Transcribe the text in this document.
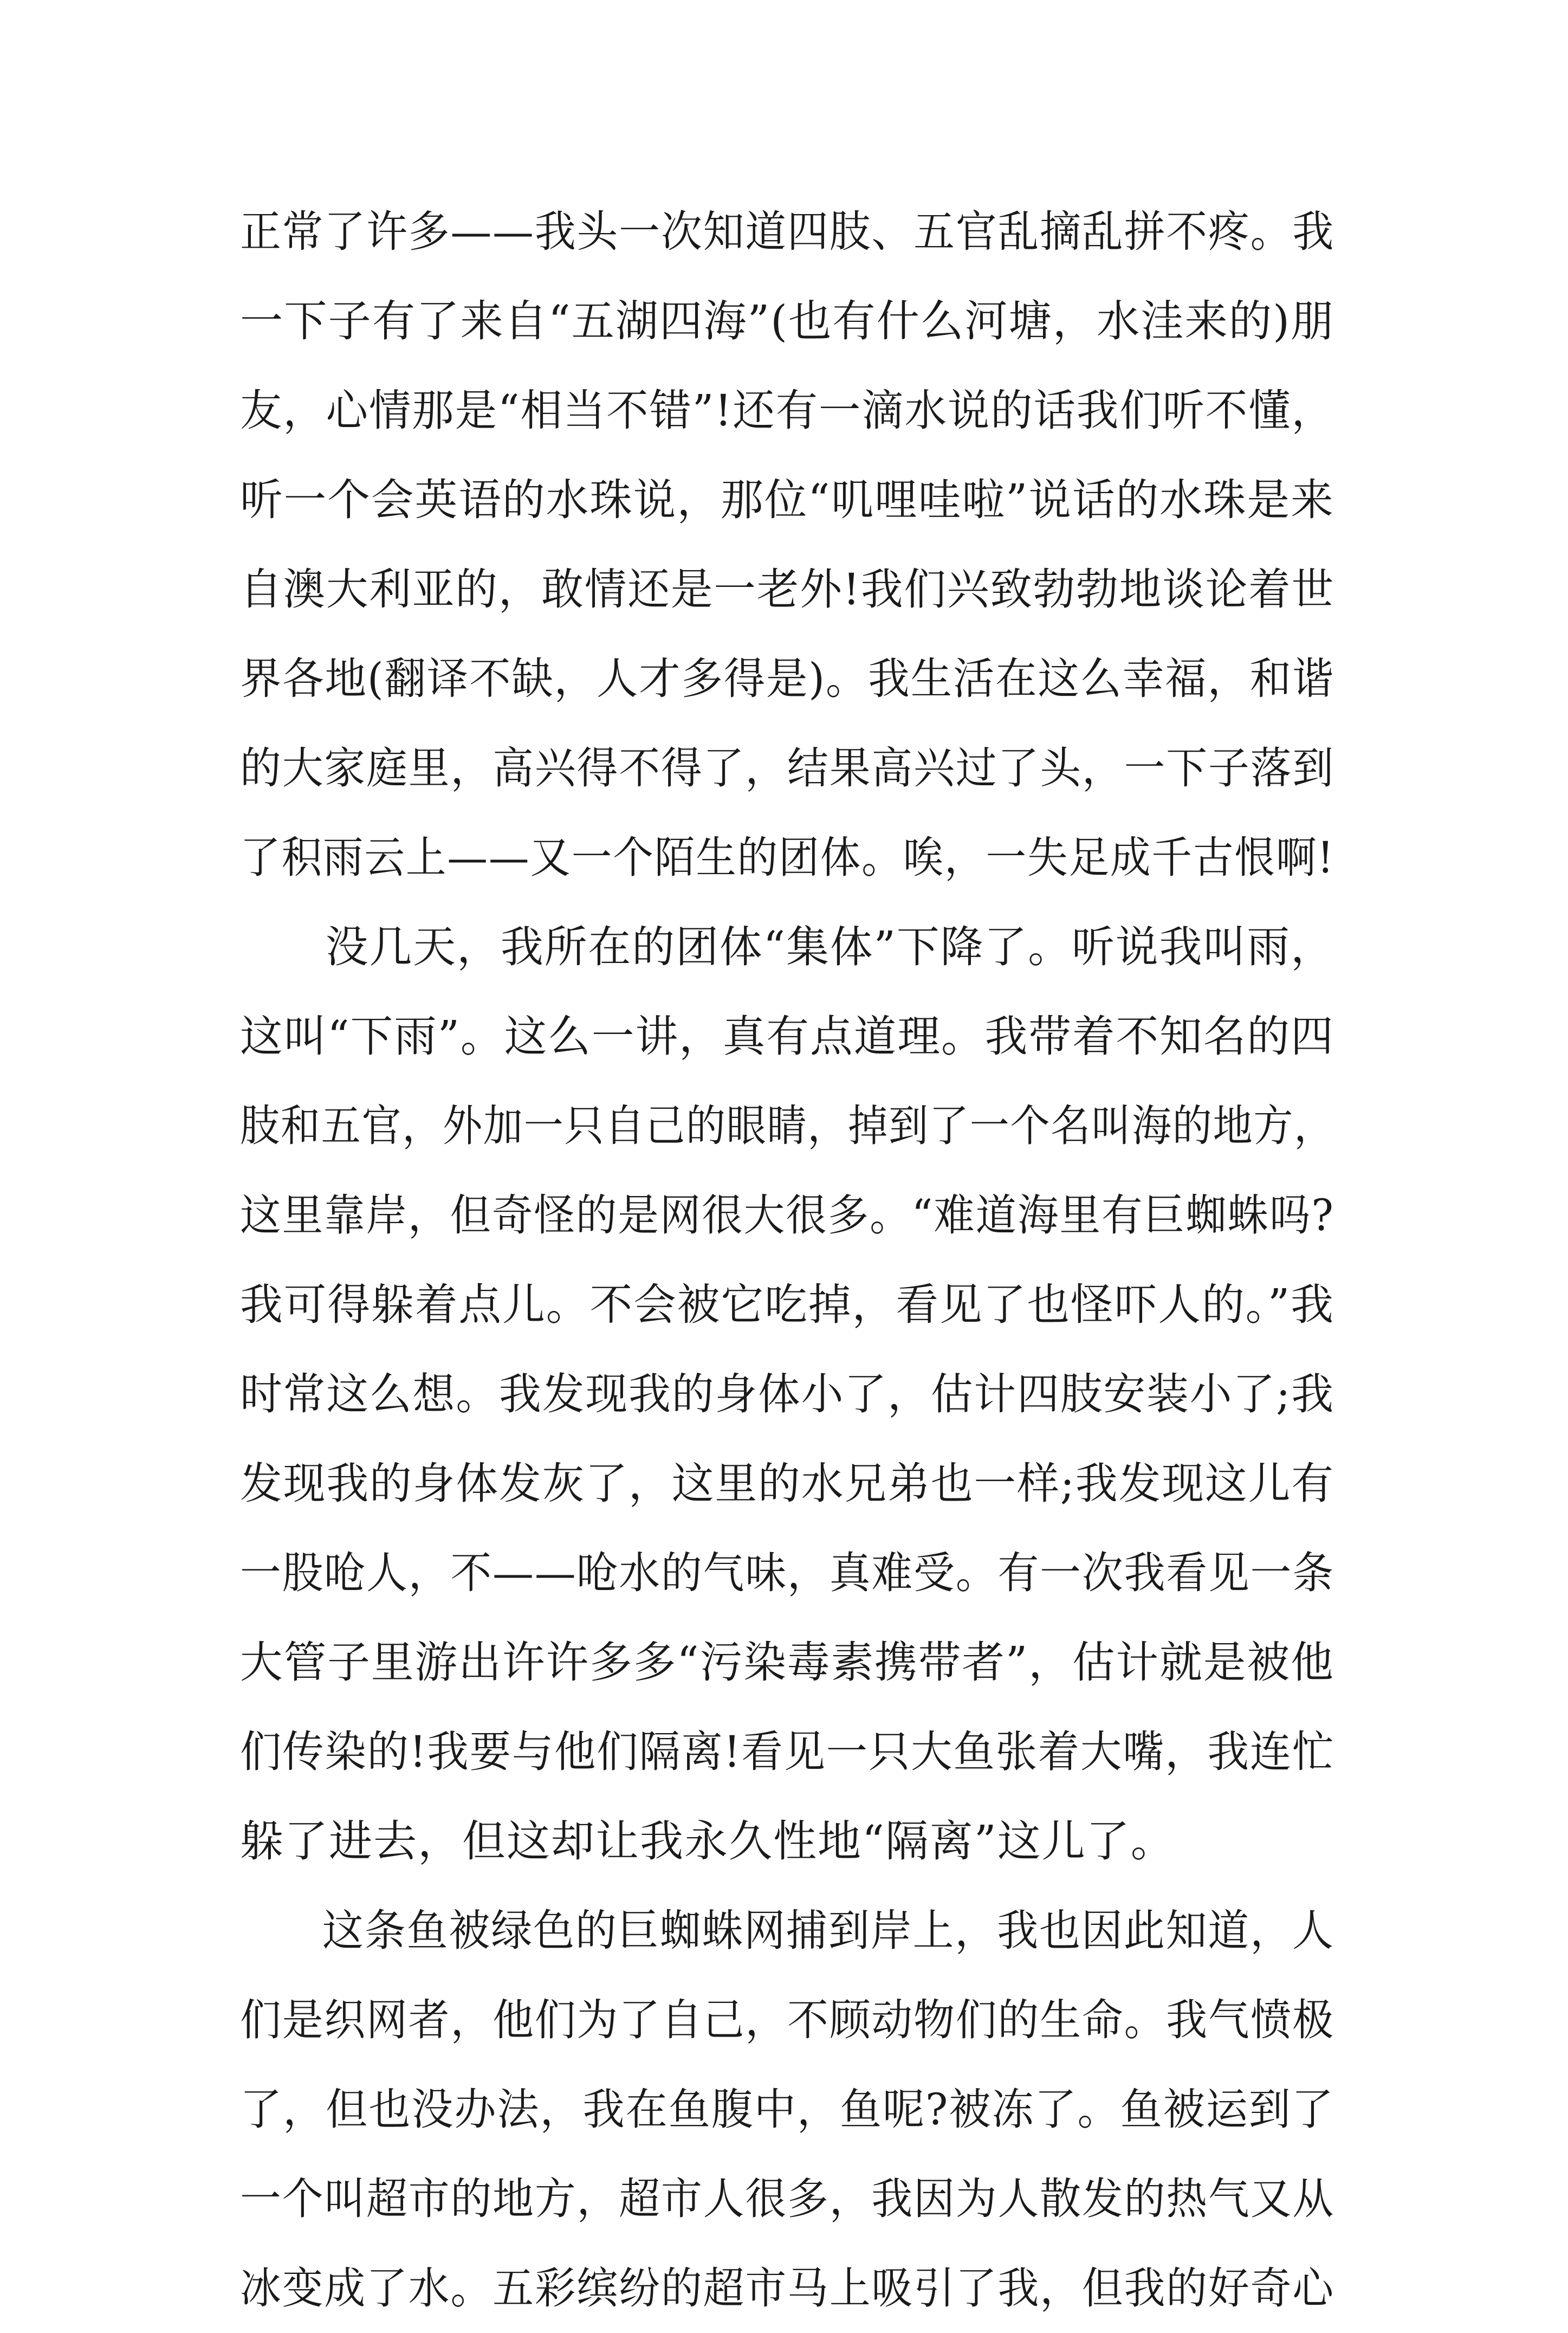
正常了许多——我头一次知道四肢、五官乱摘乱拼不疼。我
一下子有了来自“五湖四海”(也有什么河塘，水洼来的)朋
友，心情那是“相当不错”!还有一滴水说的话我们听不懂，
听一个会英语的水珠说，那位“叽哩哇啦”说话的水珠是来
自澳大利亚的，敢情还是一老外!我们兴致勃勃地谈论着世
界各地(翻译不缺，人才多得是)。我生活在这么幸福，和谐
的大家庭里，高兴得不得了，结果高兴过了头，一下子落到
了积雨云上——又一个陌生的团体。唉，一失足成千古恨啊!
没几天，我所在的团体“集体”下降了。听说我叫雨，
这叫“下雨”。这么一讲，真有点道理。我带着不知名的四
肢和五官，外加一只自己的眼睛，掉到了一个名叫海的地方，
这里靠岸，但奇怪的是网很大很多。“难道海里有巨蜘蛛吗?
我可得躲着点儿。不会被它吃掉，看见了也怪吓人的。”我
时常这么想。我发现我的身体小了，估计四肢安装小了;我
发现我的身体发灰了，这里的水兄弟也一样;我发现这儿有
一股呛人，不——呛水的气味，真难受。有一次我看见一条
大管子里游出许许多多“污染毒素携带者”，估计就是被他
们传染的!我要与他们隔离!看见一只大鱼张着大嘴，我连忙
躲了进去，但这却让我永久性地“隔离”这儿了。
这条鱼被绿色的巨蜘蛛网捕到岸上，我也因此知道，人
们是织网者，他们为了自己，不顾动物们的生命。我气愤极
了，但也没办法，我在鱼腹中，鱼呢?被冻了。鱼被运到了
一个叫超市的地方，超市人很多，我因为人散发的热气又从
冰变成了水。五彩缤纷的超市马上吸引了我，但我的好奇心
